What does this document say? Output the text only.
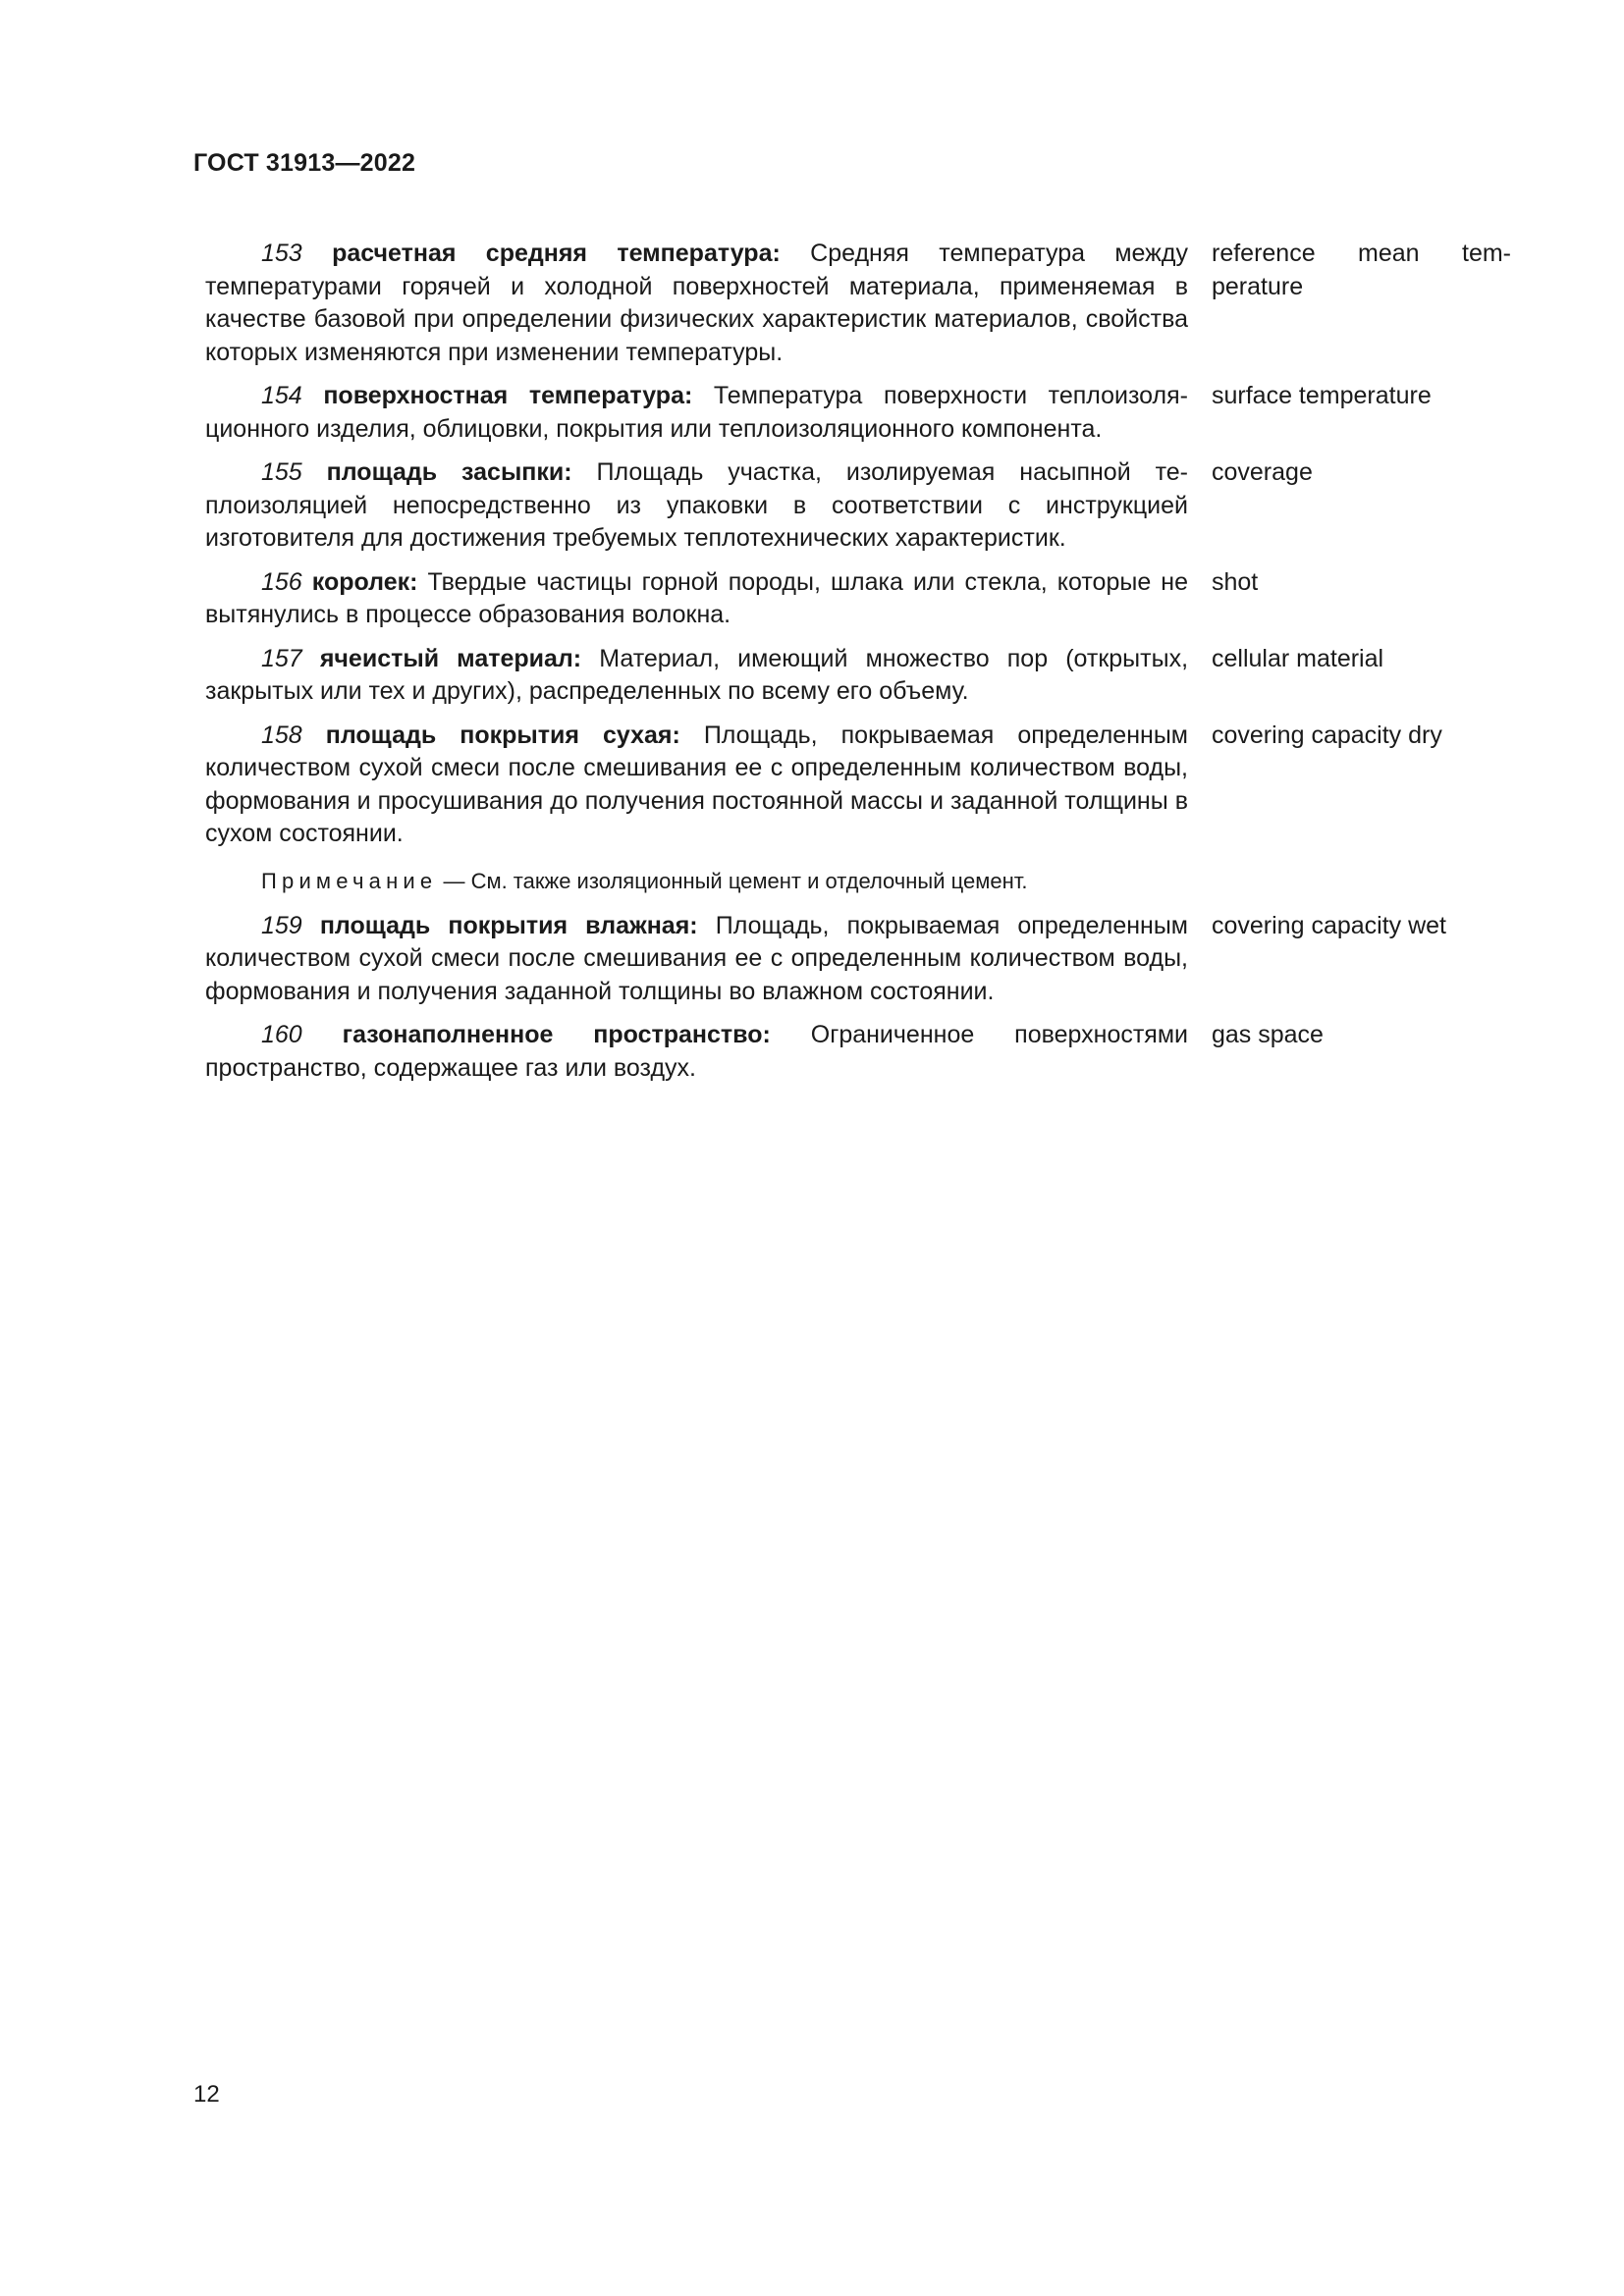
ГОСТ 31913—2022
153 расчетная средняя температура: Средняя температура между температурами горячей и холодной поверхностей материала, применяемая в качестве базовой при определении физических характеристик материалов, свойства которых изменяются при изменении температуры.
reference mean temperature
154 поверхностная температура: Температура поверхности теплоизоляционного изделия, облицовки, покрытия или теплоизоляционного компонента.
surface temperature
155 площадь засыпки: Площадь участка, изолируемая насыпной теплоизоляцией непосредственно из упаковки в соответствии с инструкцией изготовителя для достижения требуемых теплотехнических характеристик.
coverage
156 королек: Твердые частицы горной породы, шлака или стекла, которые не вытянулись в процессе образования волокна.
shot
157 ячеистый материал: Материал, имеющий множество пор (открытых, закрытых или тех и других), распределенных по всему его объему.
cellular material
158 площадь покрытия сухая: Площадь, покрываемая определенным количеством сухой смеси после смешивания ее с определенным количеством воды, формования и просушивания до получения постоянной массы и заданной толщины в сухом состоянии.
covering capacity dry
Примечание — См. также изоляционный цемент и отделочный цемент.
159 площадь покрытия влажная: Площадь, покрываемая определенным количеством сухой смеси после смешивания ее с определенным количеством воды, формования и получения заданной толщины во влажном состоянии.
covering capacity wet
160 газонаполненное пространство: Ограниченное поверхностями пространство, содержащее газ или воздух.
gas space
12
